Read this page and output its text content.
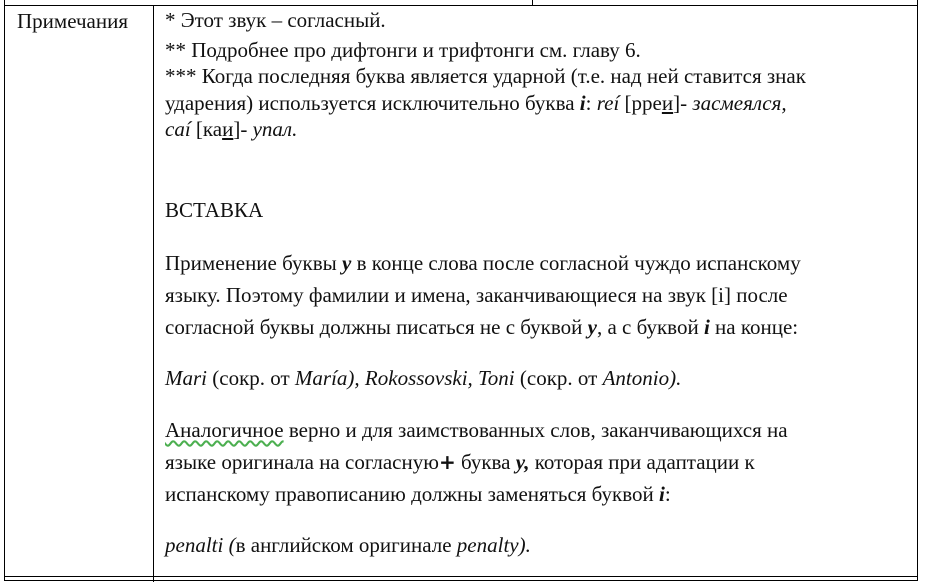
Примечания * Этот звук – согласный.
** Подробнее про дифтонги и трифтонги см. главу 6.
*** Когда последняя буква является ударной (т.е. над ней ставится знак
ударения) используется исключительно буква i: reí [рреи]- засмеялся,
caí [каи]- упал.
ВСТАВКА
Применение буквы y в конце слова после согласной чуждо испанскому
языку. Поэтому фамилии и имена, заканчивающиеся на звук [i] после
согласной буквы должны писаться не с буквой y, а с буквой i на конце:
Mari (сокр. от María), Rokossovski, Toni (сокр. от Antonio).
Аналогичное верно и для заимствованных слов, заканчивающихся на
языке оригинала на согласную+ буква y, которая при адаптации к
испанскому правописанию должны заменяться буквой i:
penalti (в английском оригинале penalty).
